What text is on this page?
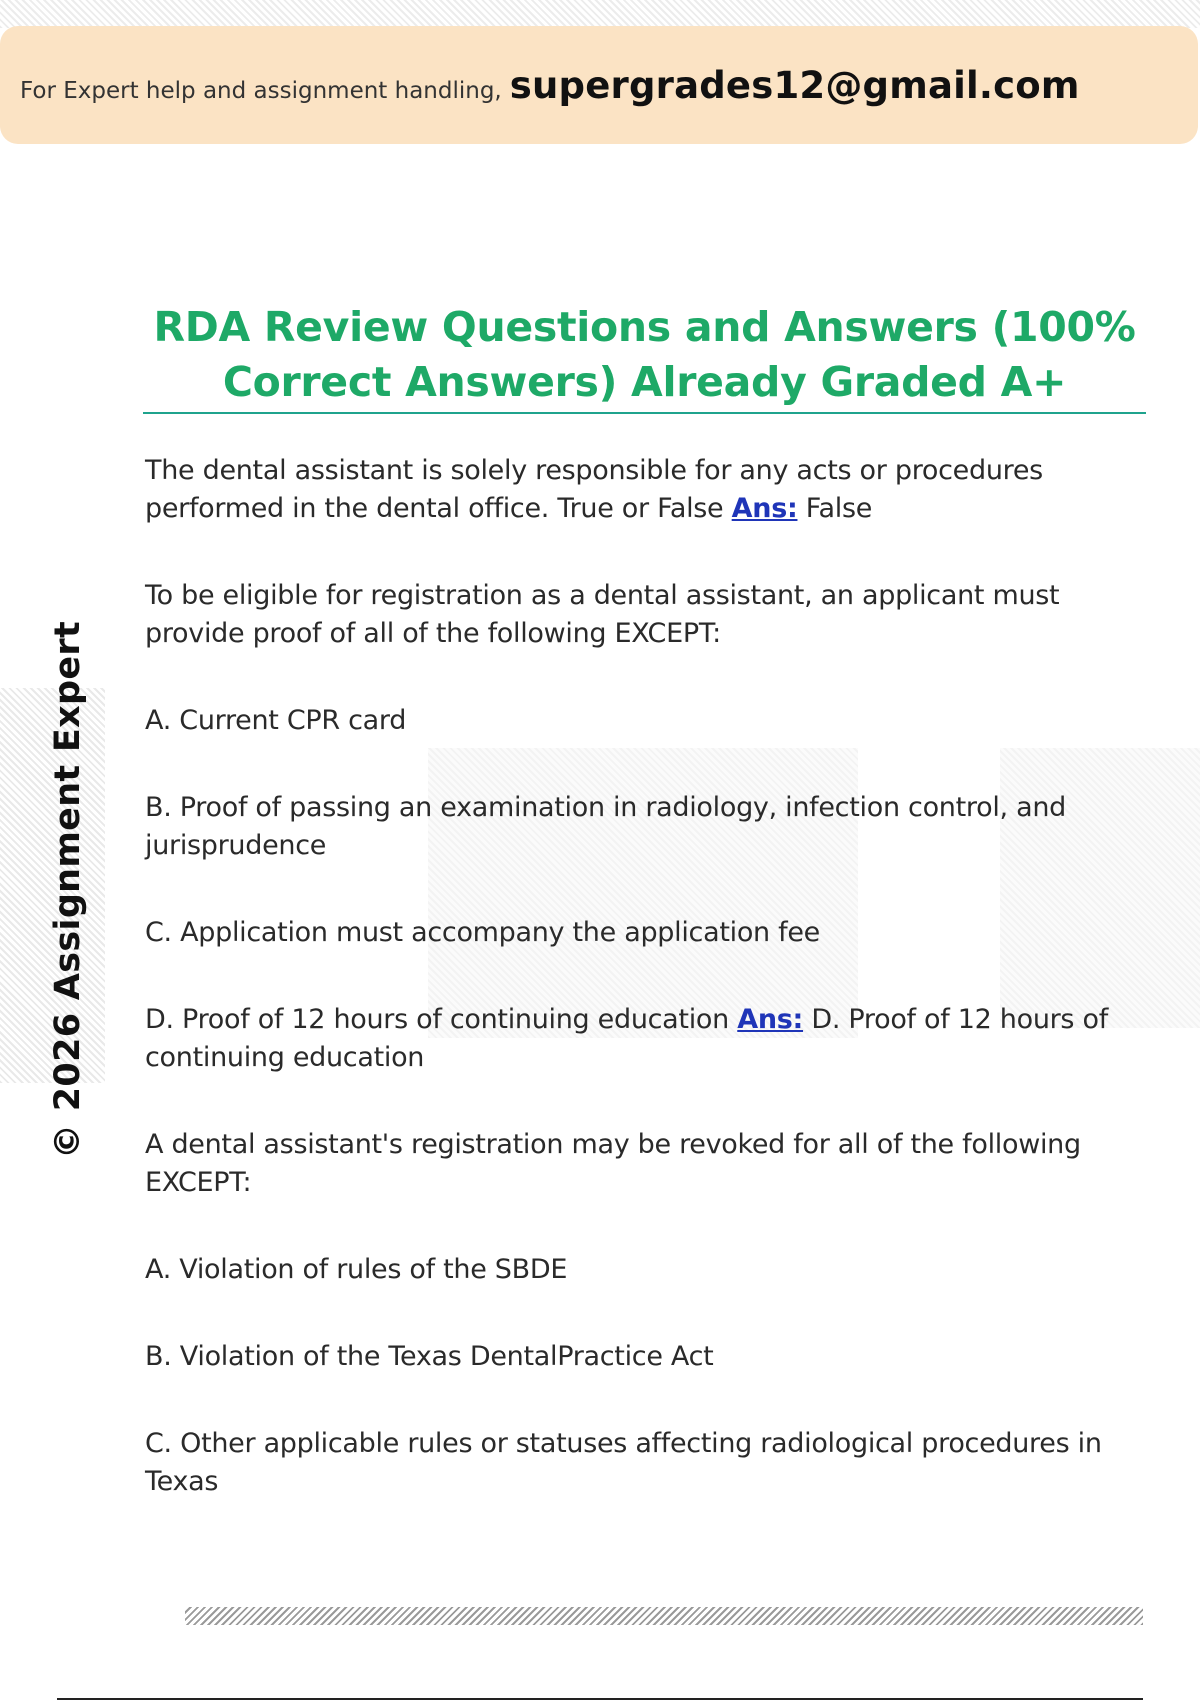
For Expert help and assignment handling, supergrades12@gmail.com
© 2026 Assignment Expert
RDA Review Questions and Answers (100% Correct Answers) Already Graded A+

The dental assistant is solely responsible for any acts or procedures performed in the dental office. True or False Ans: False

To be eligible for registration as a dental assistant, an applicant must provide proof of all of the following EXCEPT:

A. Current CPR card

B. Proof of passing an examination in radiology, infection control, and jurisprudence

C. Application must accompany the application fee

D. Proof of 12 hours of continuing education Ans: D. Proof of 12 hours of continuing education

A dental assistant's registration may be revoked for all of the following EXCEPT:

A. Violation of rules of the SBDE

B. Violation of the Texas DentalPractice Act

C. Other applicable rules or statuses affecting radiological procedures in Texas
